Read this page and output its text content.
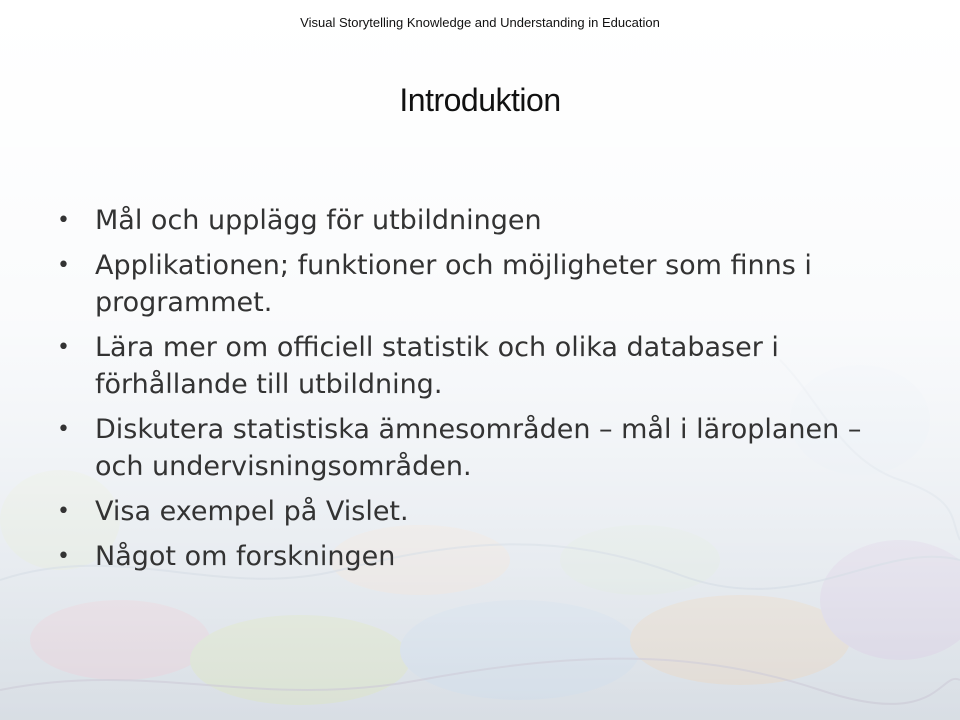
Visual Storytelling Knowledge and Understanding in Education
Introduktion
• Mål och upplägg för utbildningen
• Applikationen; funktioner och möjligheter som finns i programmet.
• Lära mer om officiell statistik och olika databaser i förhållande till utbildning.
• Diskutera statistiska ämnesområden – mål i läroplanen – och undervisningsområden.
• Visa exempel på Vislet.
• Något om forskningen
